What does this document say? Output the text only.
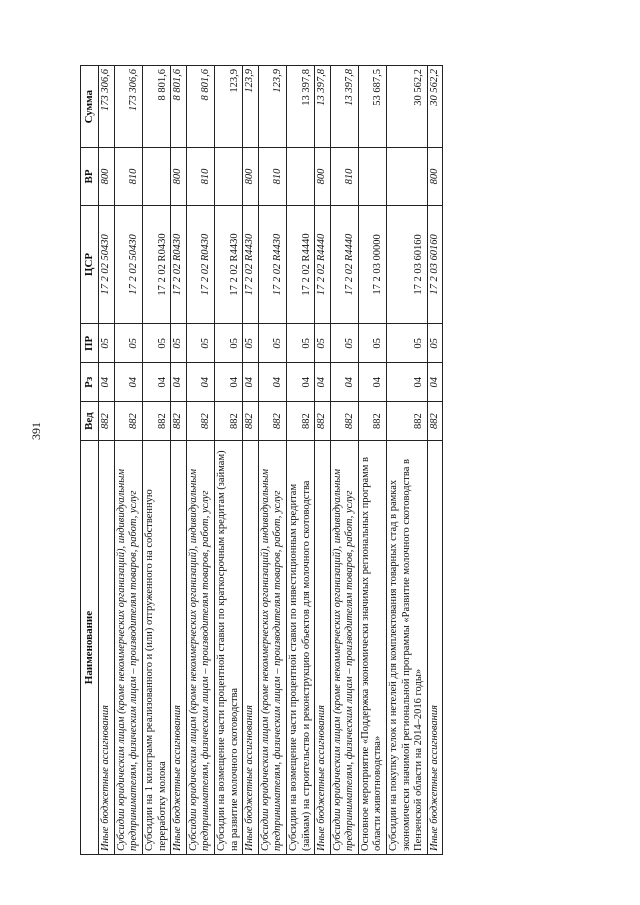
391
Наименование	Вед	Рз	ПР	ЦСР	ВР	Сумма
Иные бюджетные ассигнования	882	04	05	17 2 02 50430	800	173 306,6
Субсидии юридическим лицам (кроме некоммерческих организаций), индивидуальным предпринимателям, физическим лицам – производителям товаров, работ, услуг	882	04	05	17 2 02 50430	810	173 306,6
Субсидии на 1 килограмм реализованного и (или) отгруженного на собственную переработку молока	882	04	05	17 2 02 R0430		8 801,6
Иные бюджетные ассигнования	882	04	05	17 2 02 R0430	800	8 801,6
Субсидии юридическим лицам (кроме некоммерческих организаций), индивидуальным предпринимателям, физическим лицам – производителям товаров, работ, услуг	882	04	05	17 2 02 R0430	810	8 801,6
Субсидии на возмещение части процентной ставки по краткосрочным кредитам (займам) на развитие молочного скотоводства	882	04	05	17 2 02 R4430		123,9
Иные бюджетные ассигнования	882	04	05	17 2 02 R4430	800	123,9
Субсидии юридическим лицам (кроме некоммерческих организаций), индивидуальным предпринимателям, физическим лицам – производителям товаров, работ, услуг	882	04	05	17 2 02 R4430	810	123,9
Субсидии на возмещение части процентной ставки по инвестиционным кредитам (займам) на строительство и реконструкцию объектов для молочного скотоводства	882	04	05	17 2 02 R4440		13 397,8
Иные бюджетные ассигнования	882	04	05	17 2 02 R4440	800	13 397,8
Субсидии юридическим лицам (кроме некоммерческих организаций), индивидуальным предпринимателям, физическим лицам – производителям товаров, работ, услуг	882	04	05	17 2 02 R4440	810	13 397,8
Основное мероприятие «Поддержка экономически значимых региональных программ в области животноводства»	882	04	05	17 2 03 00000		53 687,5
Субсидии на покупку телок и нетелей для комплектования товарных стад в рамках экономически значимой региональной программы «Развитие молочного скотоводства в Пензенской области на 2014–2016 годы»	882	04	05	17 2 03 60160		30 562,2
Иные бюджетные ассигнования	882	04	05	17 2 03 60160	800	30 562,2
